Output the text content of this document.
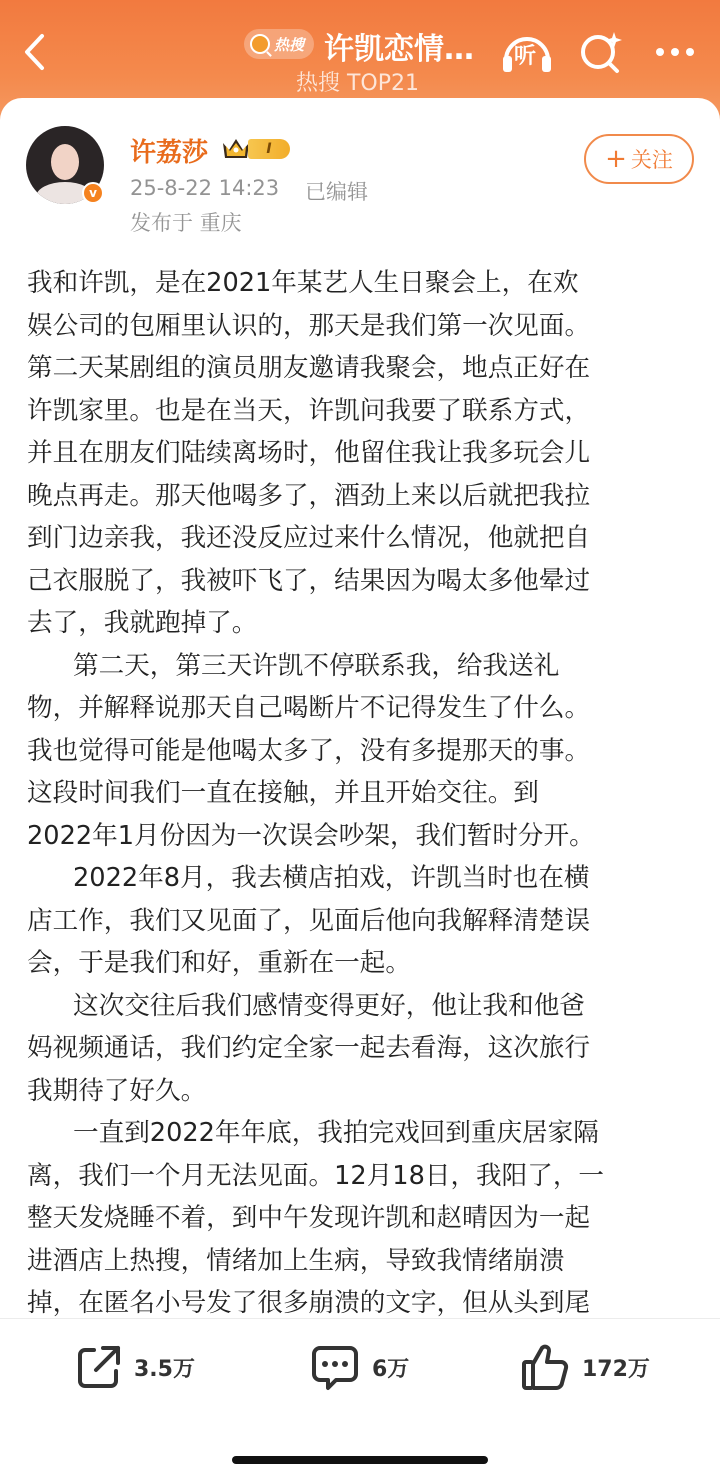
热搜 许凯恋情…
热搜 TOP21
听
v
许荔莎	I
25-8-22 14:23 已编辑
发布于 重庆
+ 关注
我和许凯，是在2021年某艺人生日聚会上，在欢
娱公司的包厢里认识的，那天是我们第一次见面。
第二天某剧组的演员朋友邀请我聚会，地点正好在
许凯家里。也是在当天，许凯问我要了联系方式，
并且在朋友们陆续离场时，他留住我让我多玩会儿
晚点再走。那天他喝多了，酒劲上来以后就把我拉
到门边亲我，我还没反应过来什么情况，他就把自
己衣服脱了，我被吓飞了，结果因为喝太多他晕过
去了，我就跑掉了。
第二天，第三天许凯不停联系我，给我送礼
物，并解释说那天自己喝断片不记得发生了什么。
我也觉得可能是他喝太多了，没有多提那天的事。
这段时间我们一直在接触，并且开始交往。到
2022年1月份因为一次误会吵架，我们暂时分开。
2022年8月，我去横店拍戏，许凯当时也在横
店工作，我们又见面了，见面后他向我解释清楚误
会，于是我们和好，重新在一起。
这次交往后我们感情变得更好，他让我和他爸
妈视频通话，我们约定全家一起去看海，这次旅行
我期待了好久。
一直到2022年年底，我拍完戏回到重庆居家隔
离，我们一个月无法见面。12月18日，我阳了，一
整天发烧睡不着，到中午发现许凯和赵晴因为一起
进酒店上热搜，情绪加上生病，导致我情绪崩溃
掉，在匿名小号发了很多崩溃的文字，但从头到尾
3.5万	6万	172万
